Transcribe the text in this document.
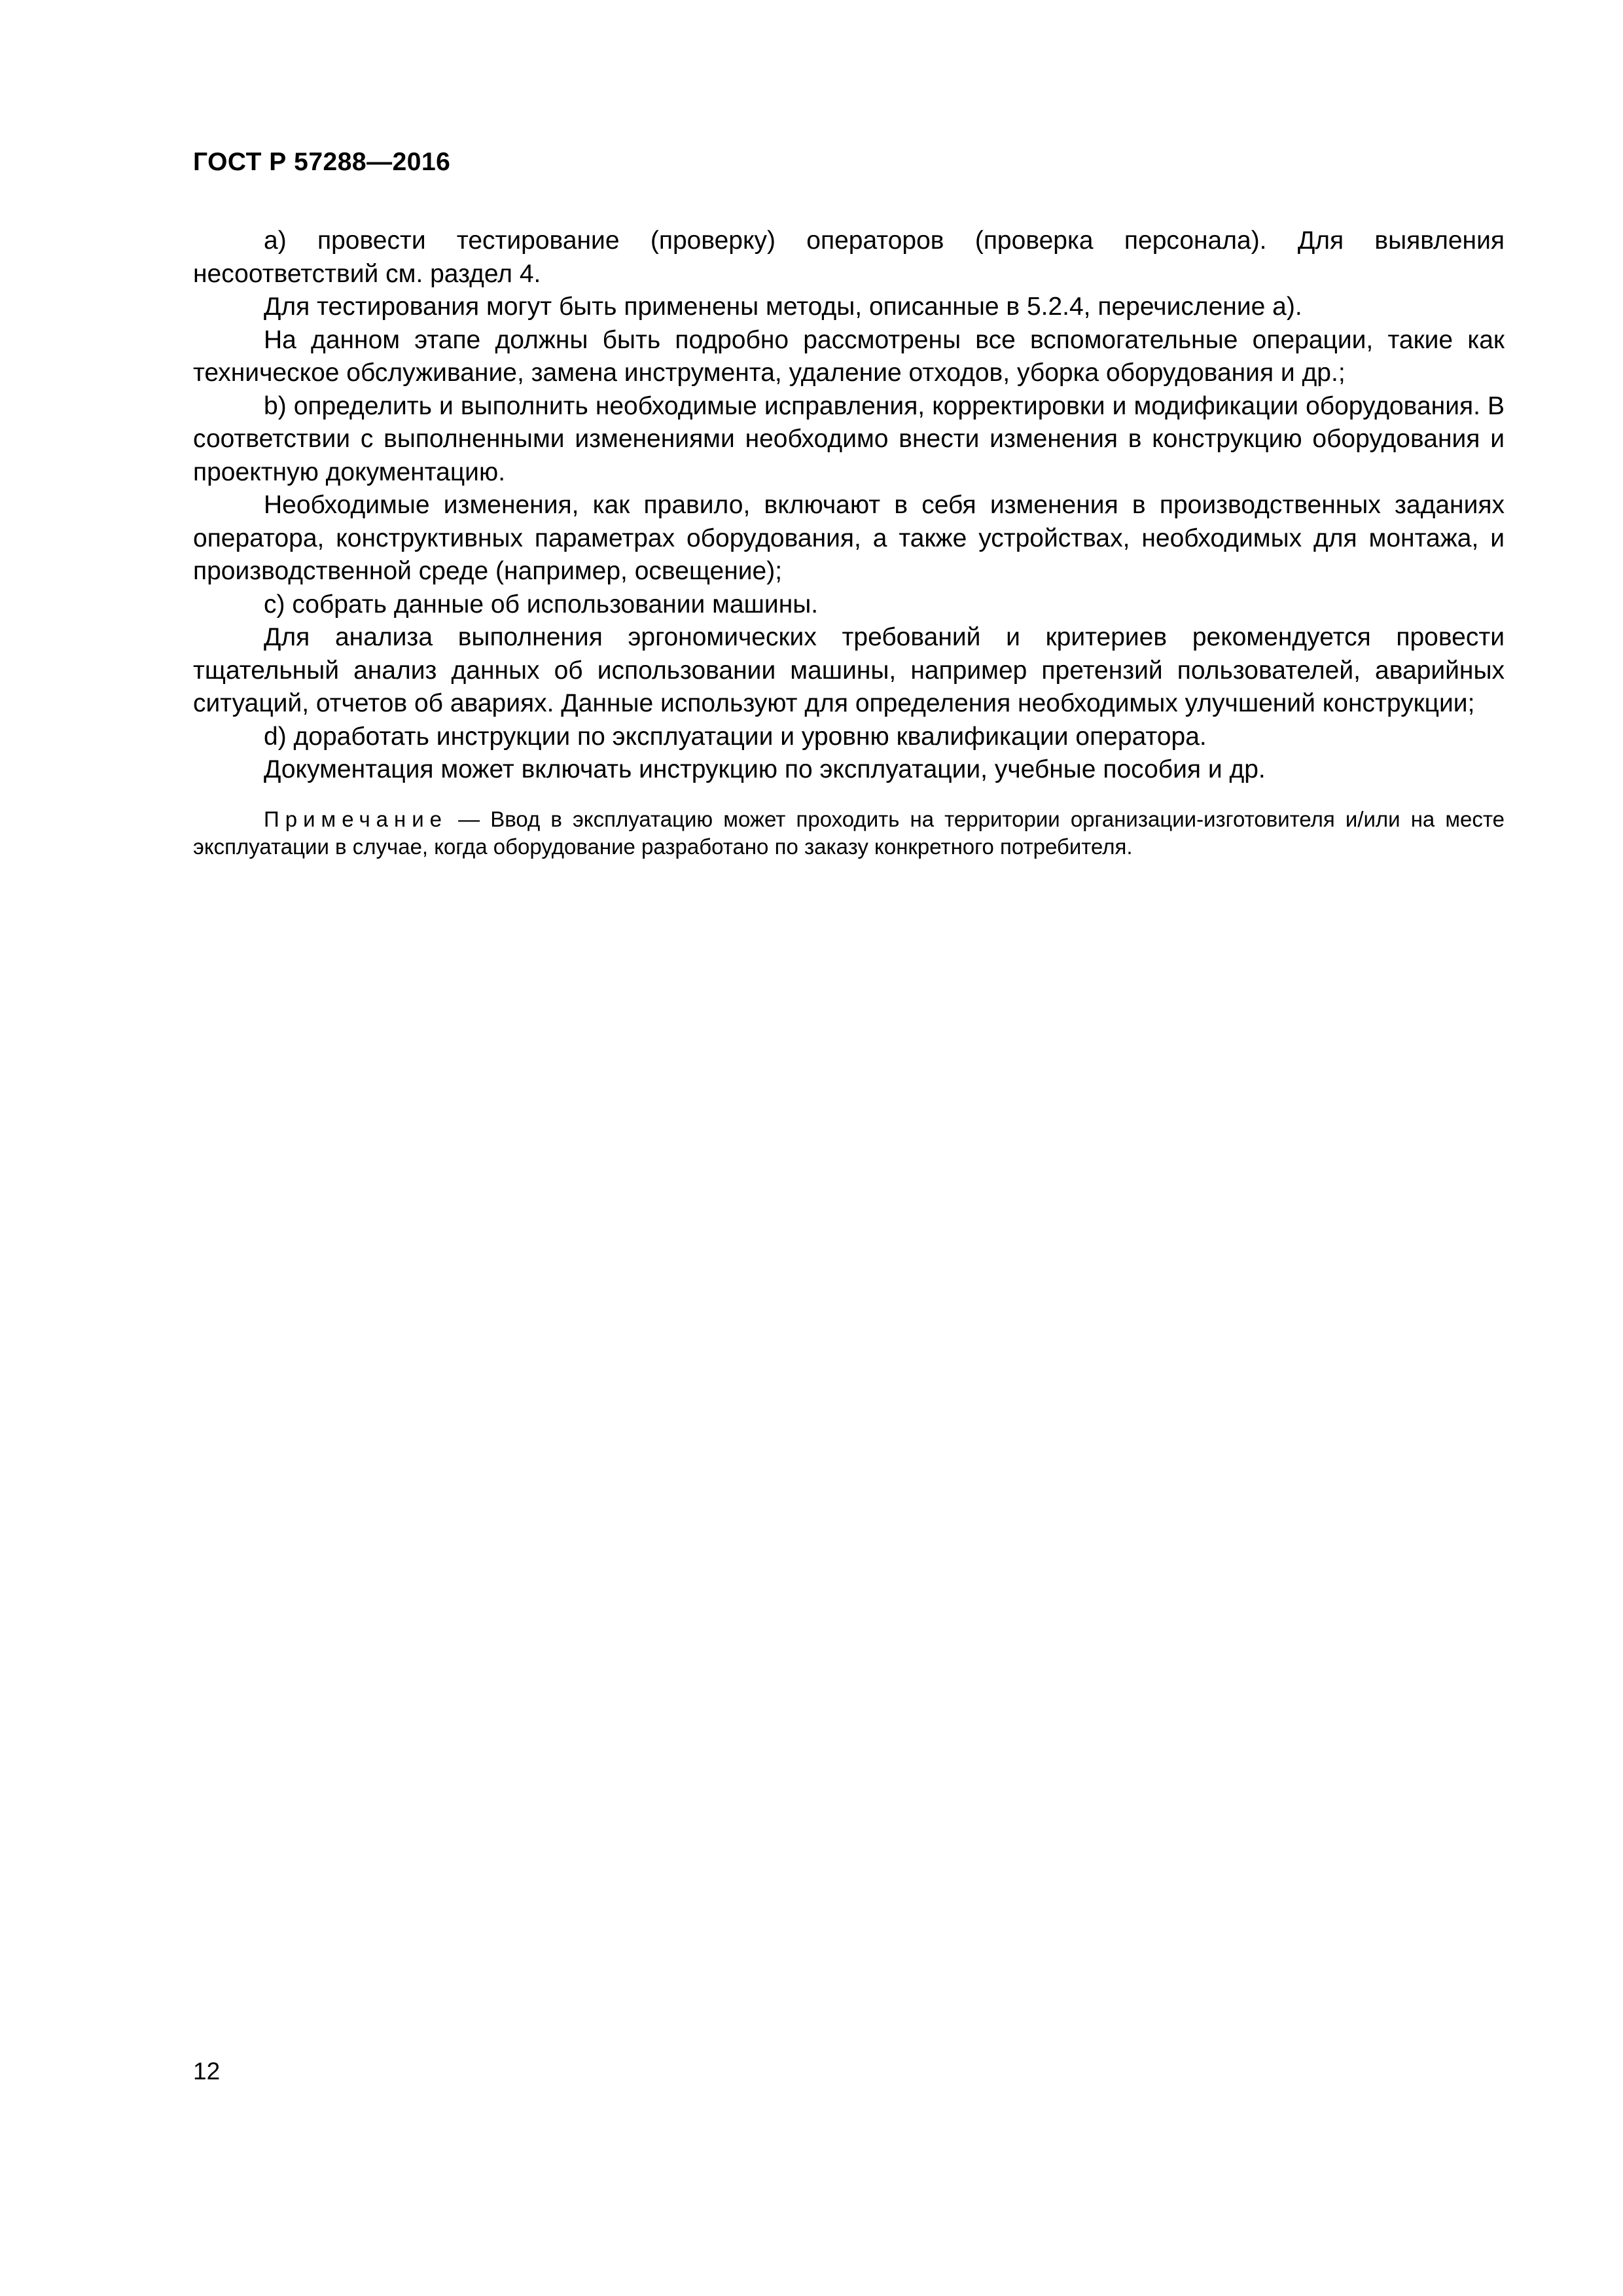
ГОСТ Р 57288—2016

a) провести тестирование (проверку) операторов (проверка персонала). Для выявления несоответствий см. раздел 4.

Для тестирования могут быть применены методы, описанные в 5.2.4, перечисление а).

На данном этапе должны быть подробно рассмотрены все вспомогательные операции, такие как техническое обслуживание, замена инструмента, удаление отходов, уборка оборудования и др.;

b) определить и выполнить необходимые исправления, корректировки и модификации оборудования. В соответствии с выполненными изменениями необходимо внести изменения в конструкцию оборудования и проектную документацию.

Необходимые изменения, как правило, включают в себя изменения в производственных заданиях оператора, конструктивных параметрах оборудования, а также устройствах, необходимых для монтажа, и производственной среде (например, освещение);

c) собрать данные об использовании машины.

Для анализа выполнения эргономических требований и критериев рекомендуется провести тщательный анализ данных об использовании машины, например претензий пользователей, аварийных ситуаций, отчетов об авариях. Данные используют для определения необходимых улучшений конструкции;

d) доработать инструкции по эксплуатации и уровню квалификации оператора.

Документация может включать инструкцию по эксплуатации, учебные пособия и др.

Примечание — Ввод в эксплуатацию может проходить на территории организации-изготовителя и/или на месте эксплуатации в случае, когда оборудование разработано по заказу конкретного потребителя.

12
